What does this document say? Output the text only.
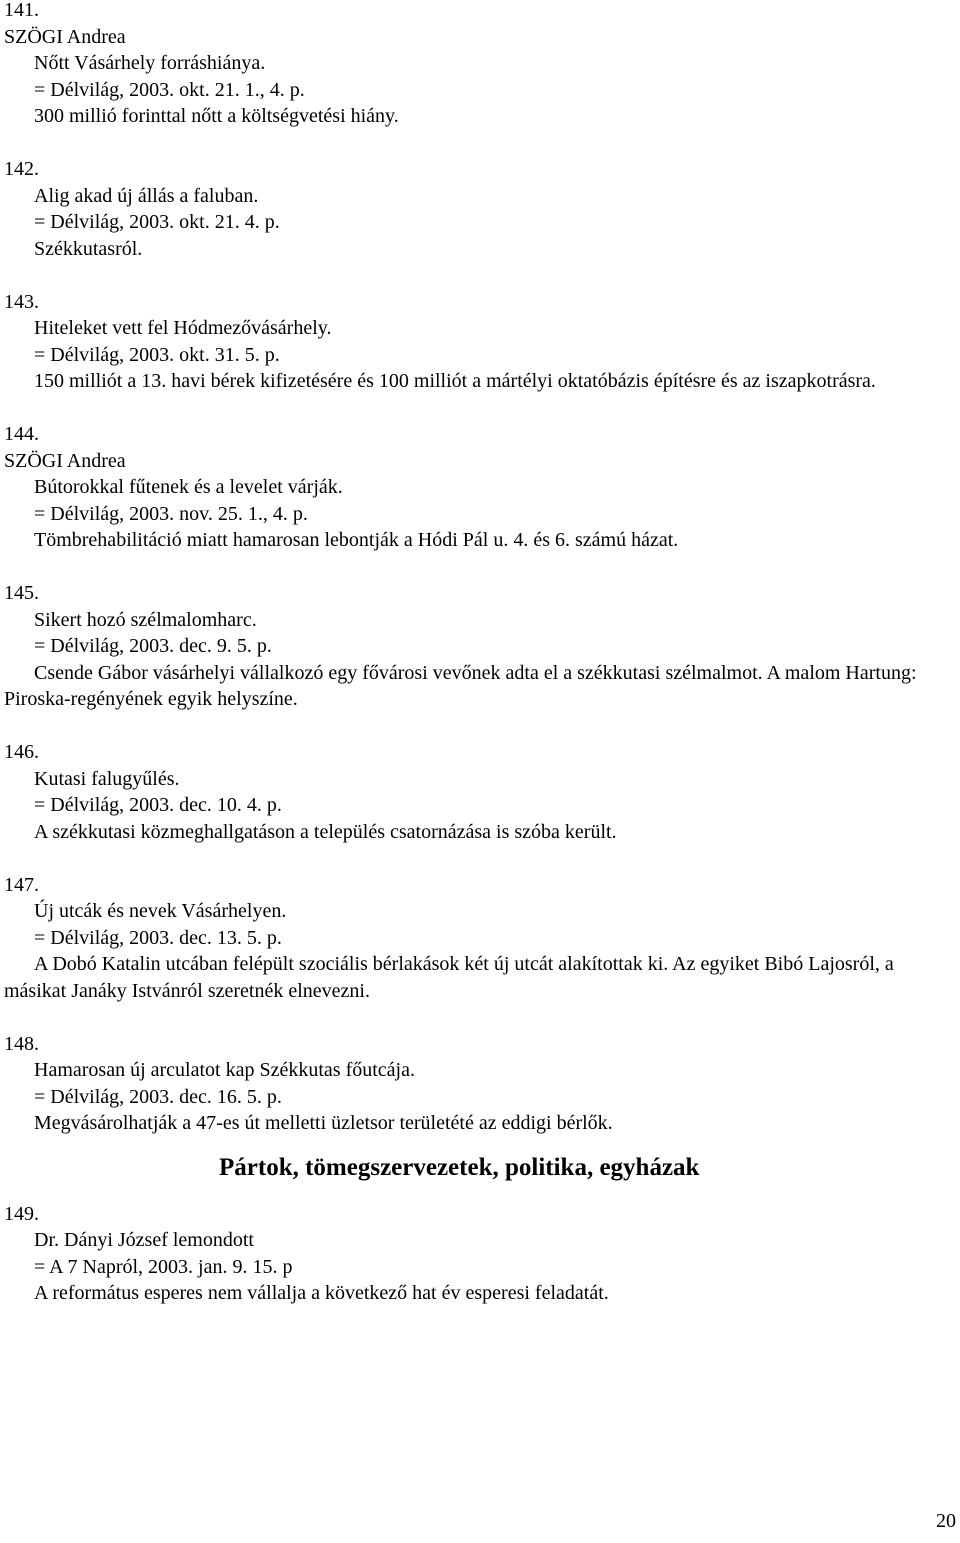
141.
SZÖGI Andrea
Nőtt Vásárhely forráshiánya.
= Délvilág, 2003. okt. 21. 1., 4. p.
300 millió forinttal nőtt a költségvetési hiány.
142.
Alig akad új állás a faluban.
= Délvilág, 2003. okt. 21. 4. p.
Székkutasról.
143.
Hiteleket vett fel Hódmezővásárhely.
= Délvilág, 2003. okt. 31. 5. p.
150 milliót a 13. havi bérek kifizetésére és 100 milliót a mártélyi oktatóbázis építésre és az iszapkotrásra.
144.
SZÖGI Andrea
Bútorokkal fűtenek és a levelet várják.
= Délvilág, 2003. nov. 25. 1., 4. p.
Tömbrehabilitáció miatt hamarosan lebontják a Hódi Pál u. 4. és 6. számú házat.
145.
Sikert hozó szélmalomharc.
= Délvilág, 2003. dec. 9. 5. p.
Csende Gábor vásárhelyi vállalkozó egy fővárosi vevőnek adta el a székkutasi szélmalmot. A malom Hartung: Piroska-regényének egyik helyszíne.
146.
Kutasi falugyűlés.
= Délvilág, 2003. dec. 10. 4. p.
A székkutasi közmeghallgatáson a település csatornázása is szóba került.
147.
Új utcák és nevek Vásárhelyen.
= Délvilág, 2003. dec. 13. 5. p.
A Dobó Katalin utcában felépült szociális bérlakások két új utcát alakítottak ki. Az egyiket Bibó Lajosról, a másikat Janáky Istvánról szeretnék elnevezni.
148.
Hamarosan új arculatot kap Székkutas főutcája.
= Délvilág, 2003. dec. 16. 5. p.
Megvásárolhatják a 47-es út melletti üzletsor területété az eddigi bérlők.
Pártok, tömegszervezetek, politika, egyházak
149.
Dr. Dányi József lemondott
= A 7 Napról, 2003. jan. 9. 15. p
A református esperes nem vállalja a következő hat év esperesi feladatát.
20
